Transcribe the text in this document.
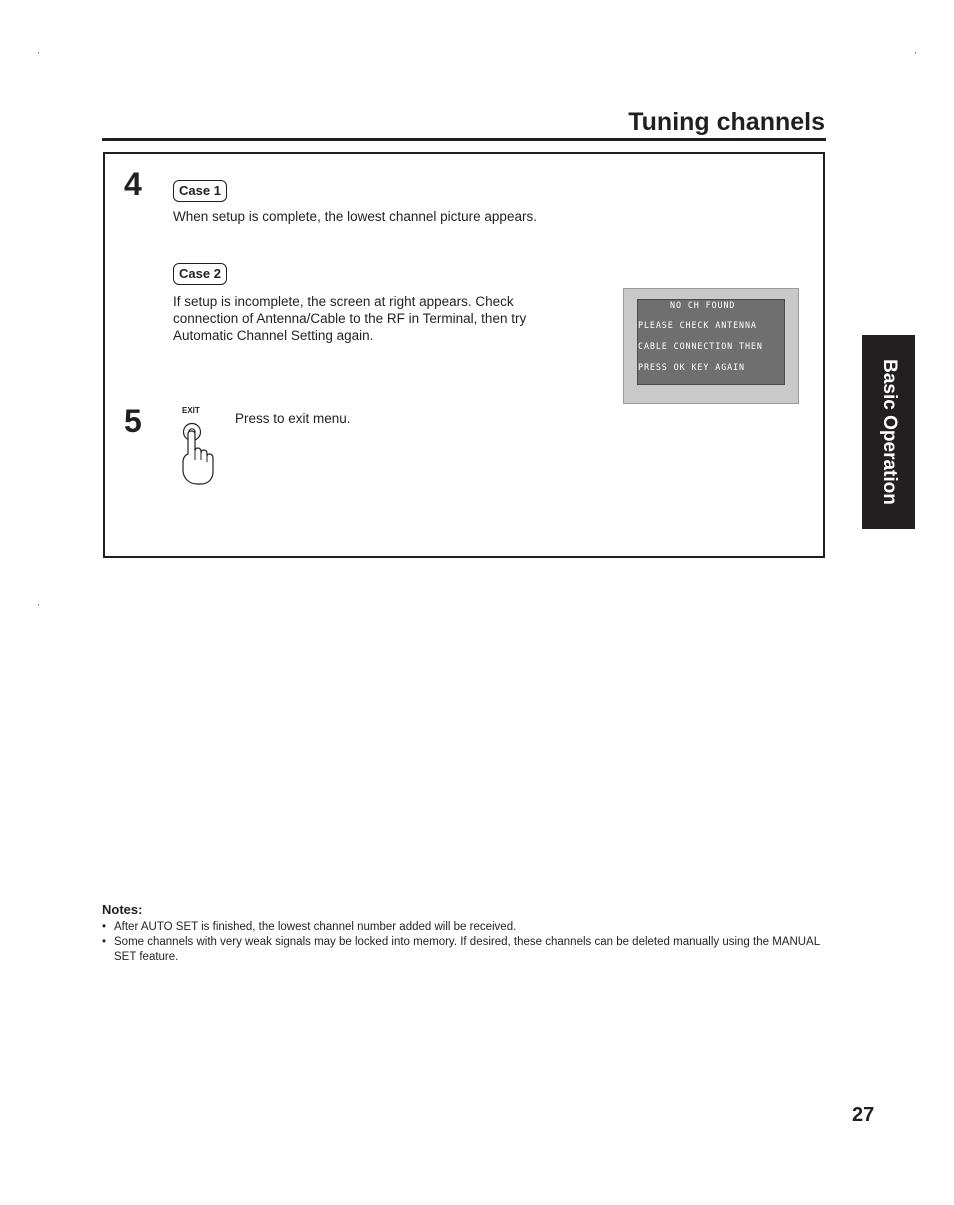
Tuning channels
4	Case 1
When setup is complete, the lowest channel picture appears.
Case 2
If setup is incomplete, the screen at right appears. Check
connection of Antenna/Cable to the RF in Terminal, then try
Automatic Channel Setting again.
NO CH FOUND
PLEASE CHECK ANTENNA
CABLE CONNECTION THEN
PRESS OK KEY AGAIN
5	EXIT
Press to exit menu.	Basic Operation
Notes:
• After AUTO SET is finished, the lowest channel number added will be received.
• Some channels with very weak signals may be locked into memory. If desired, these channels can be deleted manually using the MANUAL SET feature.
27
